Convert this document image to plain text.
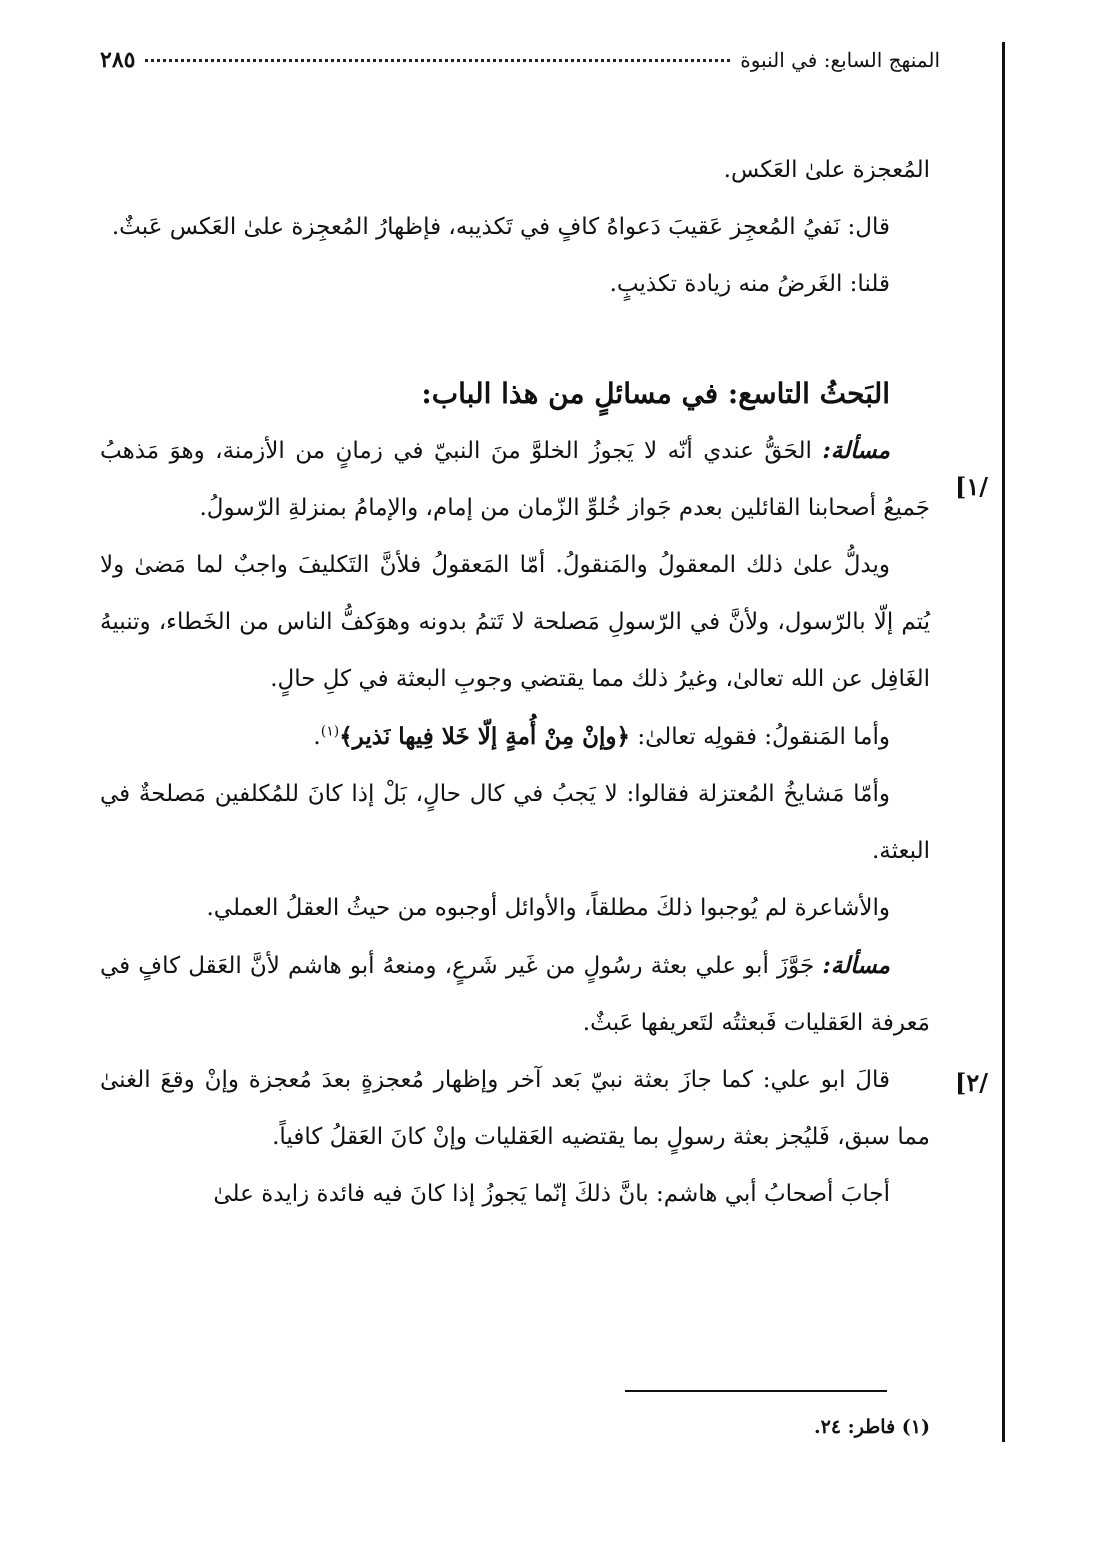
المنهج السابع: في النبوة
٢٨٥
[١/
[٢/

المُعجزة علىٰ العَكس.

قال: نَفيُ المُعجِز عَقيبَ دَعواهُ كافٍ في تَكذيبه، فإظهارُ المُعجِزة علىٰ العَكس عَبثٌ.

قلنا: الغَرضُ منه زيادة تكذيبٍ.

البَحثُ التاسع: في مسائلٍ من هذا الباب:

مسألة: الحَقُّ عندي أنّه لا يَجوزُ الخلوَّ منَ النبيّ في زمانٍ من الأزمنة، وهوَ مَذهبُ جَميعُ أصحابنا القائلين بعدم جَواز خُلوِّ الزّمان من إمام، والإمامُ بمنزلةِ الرّسولُ.

ويدلُّ علىٰ ذلك المعقولُ والمَنقولُ. أمّا المَعقولُ فلأنَّ التَكليفَ واجبٌ لما مَضىٰ ولا يُتم إلّا بالرّسول، ولأنَّ في الرّسولِ مَصلحة لا تَتمُ بدونه وهوَكفُّ الناس من الخَطاء، وتنبيهُ الغَافِل عن الله تعالىٰ، وغيرُ ذلك مما يقتضي وجوبِ البعثة في كلِ حالٍ.

وأما المَنقولُ: فقولِه تعالىٰ: ﴿وإنْ مِنْ أُمةٍ إلّا خَلا فِيها نَذير﴾$^{(١)}$.

وأمّا مَشايخُ المُعتزلة فقالوا: لا يَجبُ في كال حالٍ، بَلْ إذا كانَ للمُكلفين مَصلحةٌ في البعثة.

والأشاعرة لم يُوجبوا ذلكَ مطلقاً، والأوائل أوجبوه من حيثُ العقلُ العملي.

مسألة: جَوَّزَ أبو علي بعثة رسُولٍ من غَير شَرعٍ، ومنعهُ أبو هاشم لأنَّ العَقل كافٍ في مَعرفة العَقليات فَبعثتُه لتَعريفها عَبثٌ.

قالَ ابو علي: كما جازَ بعثة نبيّ بَعد آخر وإظهار مُعجزةٍ بعدَ مُعجزة وإنْ وقعَ الغنىٰ مما سبق، فَليُجز بعثة رسولٍ بما يقتضيه العَقليات وإنْ كانَ العَقلُ كافياً.

أجابَ أصحابُ أبي هاشم: بانَّ ذلكَ إنّما يَجوزُ إذا كانَ فيه فائدة زايدة علىٰ

(١) فاطر: ٢٤.
